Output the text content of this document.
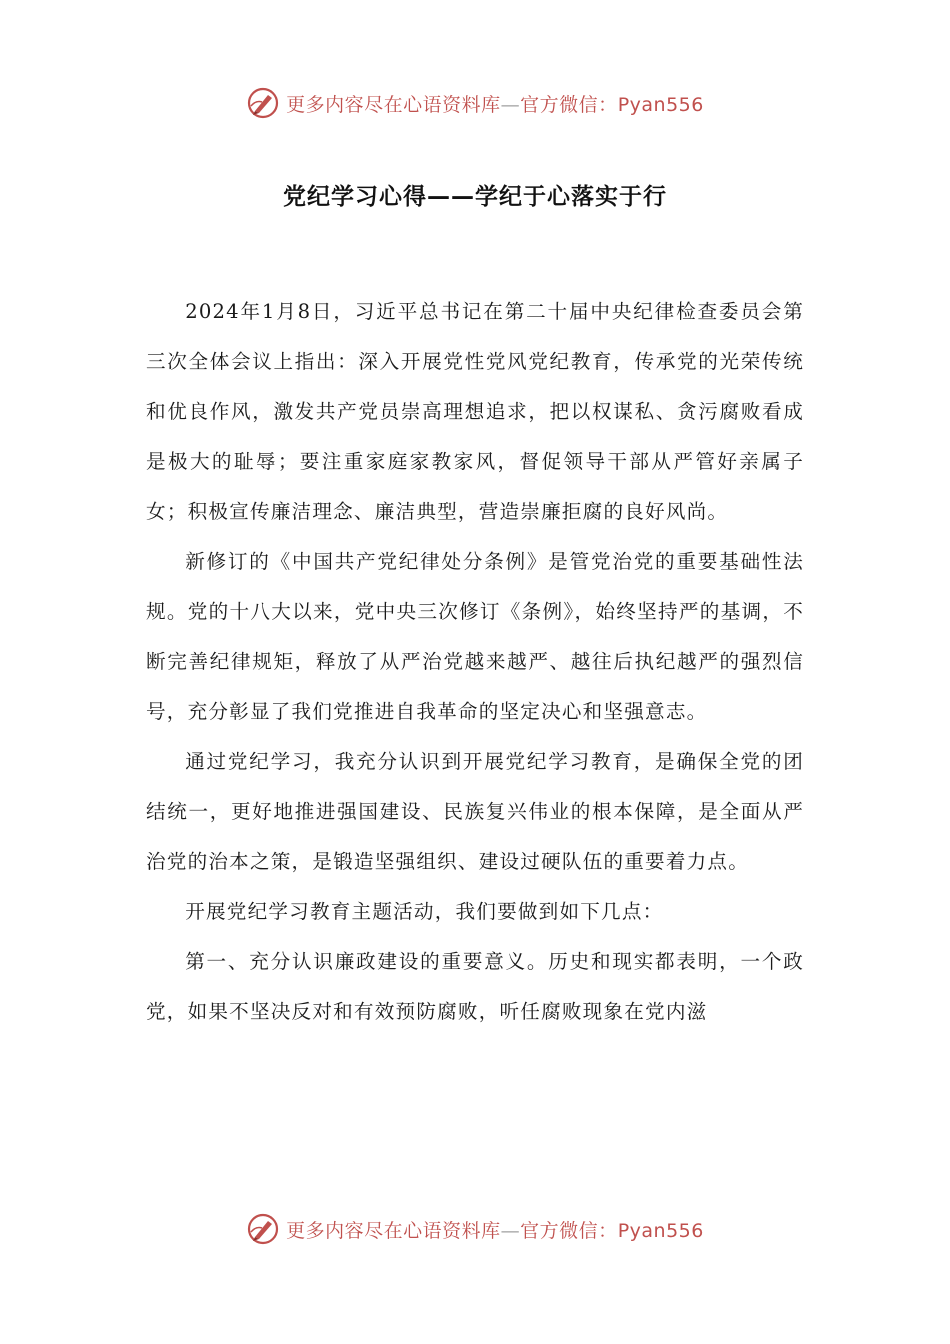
更多内容尽在心语资料库—官方微信：Pyan556
党纪学习心得——学纪于心落实于行

2024年1月8日，习近平总书记在第二十届中央纪律检查委员会第三次全体会议上指出：深入开展党性党风党纪教育，传承党的光荣传统和优良作风，激发共产党员崇高理想追求，把以权谋私、贪污腐败看成是极大的耻辱；要注重家庭家教家风，督促领导干部从严管好亲属子女；积极宣传廉洁理念、廉洁典型，营造崇廉拒腐的良好风尚。

新修订的《中国共产党纪律处分条例》是管党治党的重要基础性法规。党的十八大以来，党中央三次修订《条例》，始终坚持严的基调，不断完善纪律规矩，释放了从严治党越来越严、越往后执纪越严的强烈信号，充分彰显了我们党推进自我革命的坚定决心和坚强意志。

通过党纪学习，我充分认识到开展党纪学习教育，是确保全党的团结统一，更好地推进强国建设、民族复兴伟业的根本保障，是全面从严治党的治本之策，是锻造坚强组织、建设过硬队伍的重要着力点。

开展党纪学习教育主题活动，我们要做到如下几点：

第一、充分认识廉政建设的重要意义。历史和现实都表明，一个政党，如果不坚决反对和有效预防腐败，听任腐败现象在党内滋

更多内容尽在心语资料库—官方微信：Pyan556
